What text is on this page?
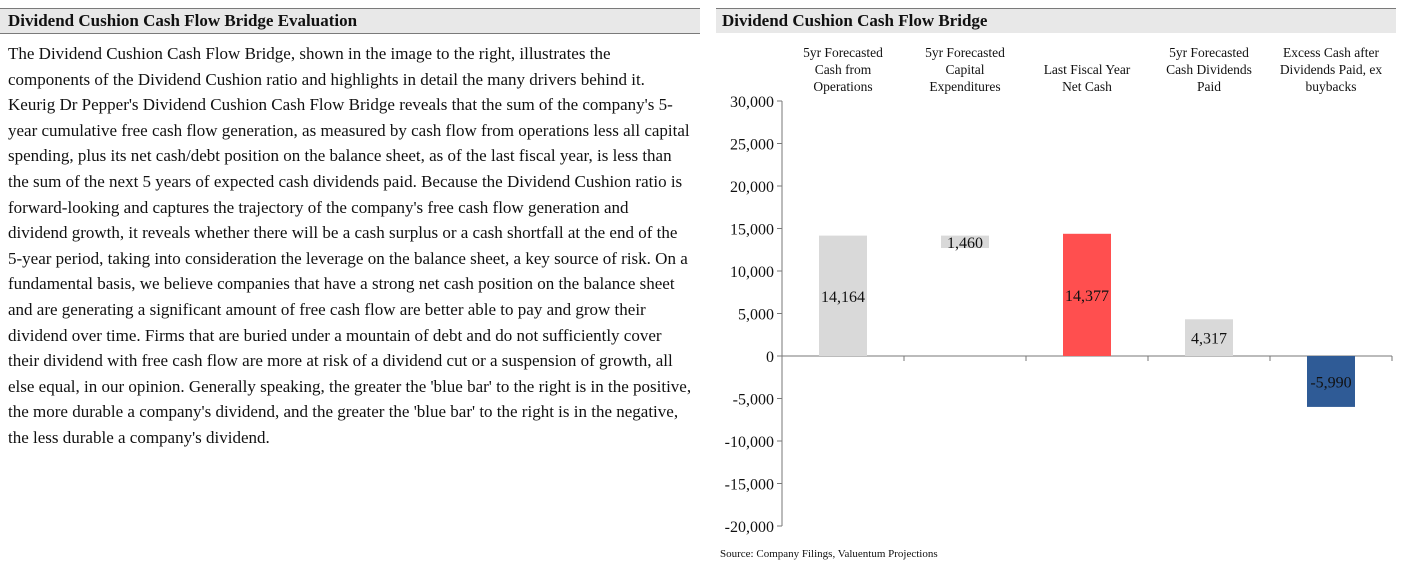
Dividend Cushion Cash Flow Bridge Evaluation
The Dividend Cushion Cash Flow Bridge, shown in the image to the right, illustrates the components of the Dividend Cushion ratio and highlights in detail the many drivers behind it. Keurig Dr Pepper's Dividend Cushion Cash Flow Bridge reveals that the sum of the company's 5-year cumulative free cash flow generation, as measured by cash flow from operations less all capital spending, plus its net cash/debt position on the balance sheet, as of the last fiscal year, is less than the sum of the next 5 years of expected cash dividends paid. Because the Dividend Cushion ratio is forward-looking and captures the trajectory of the company's free cash flow generation and dividend growth, it reveals whether there will be a cash surplus or a cash shortfall at the end of the 5-year period, taking into consideration the leverage on the balance sheet, a key source of risk. On a fundamental basis, we believe companies that have a strong net cash position on the balance sheet and are generating a significant amount of free cash flow are better able to pay and grow their dividend over time. Firms that are buried under a mountain of debt and do not sufficiently cover their dividend with free cash flow are more at risk of a dividend cut or a suspension of growth, all else equal, in our opinion. Generally speaking, the greater the 'blue bar' to the right is in the positive, the more durable a company's dividend, and the greater the 'blue bar' to the right is in the negative, the less durable a company's dividend.
Dividend Cushion Cash Flow Bridge
30,000
25,000
20,000
15,000
10,000
5,000
0
-5,000
-10,000
-15,000
-20,000
14,164
1,460
14,377
4,317
-5,990
5yr Forecasted
Cash from
Operations
5yr Forecasted
Capital
Expenditures
Last Fiscal Year
Net Cash
5yr Forecasted
Cash Dividends
Paid
Excess Cash after
Dividends Paid, ex
buybacks
Source: Company Filings, Valuentum Projections
